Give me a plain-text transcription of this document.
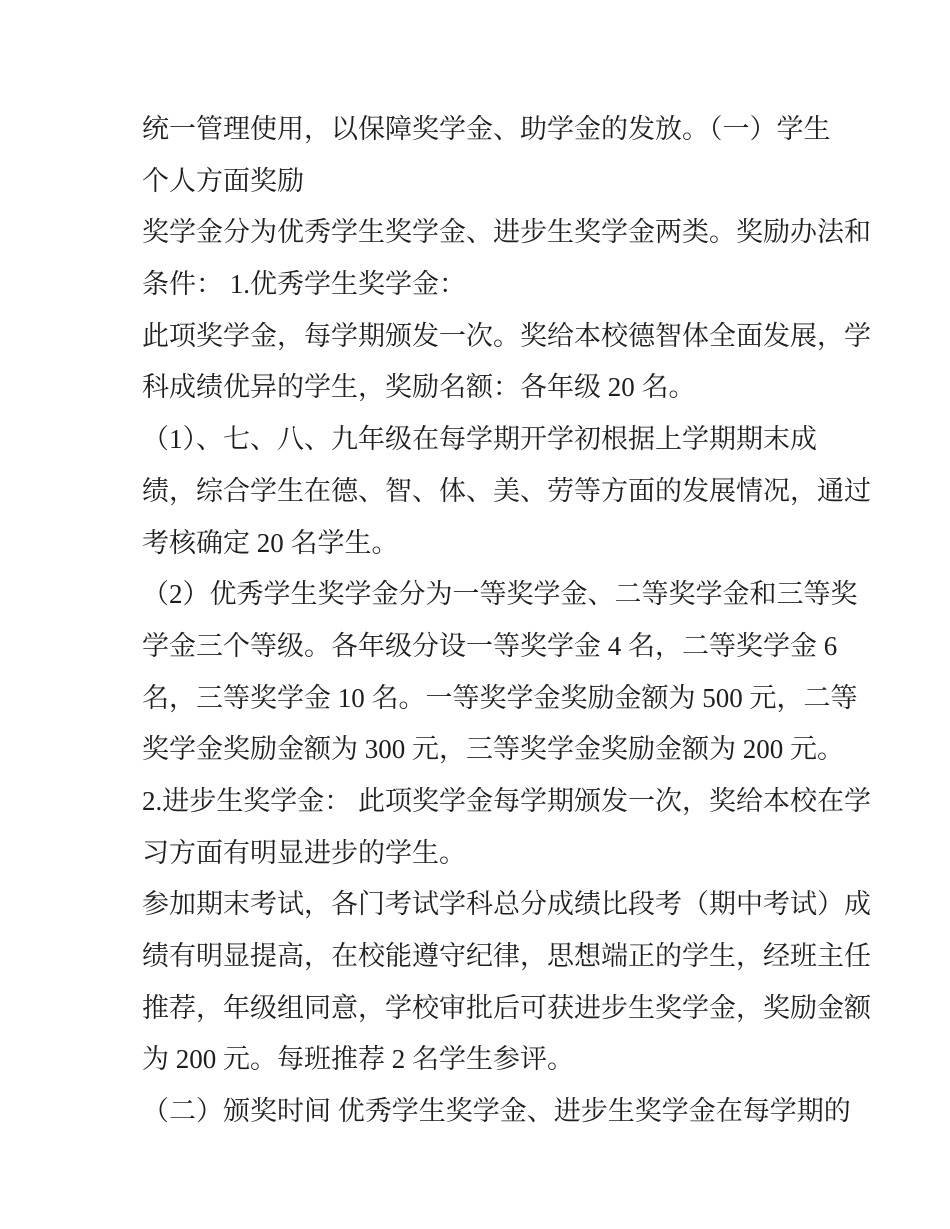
统一管理使用，以保障奖学金、助学金的发放。（一）学生
个人方面奖励
奖学金分为优秀学生奖学金、进步生奖学金两类。奖励办法和
条件： 1.优秀学生奖学金：
此项奖学金，每学期颁发一次。奖给本校德智体全面发展，学
科成绩优异的学生，奖励名额：各年级 20 名。
（1）、七、八、九年级在每学期开学初根据上学期期末成
绩，综合学生在德、智、体、美、劳等方面的发展情况，通过
考核确定 20 名学生。
（2）优秀学生奖学金分为一等奖学金、二等奖学金和三等奖
学金三个等级。各年级分设一等奖学金 4 名，二等奖学金 6
名，三等奖学金 10 名。一等奖学金奖励金额为 500 元，二等
奖学金奖励金额为 300 元，三等奖学金奖励金额为 200 元。
2.进步生奖学金： 此项奖学金每学期颁发一次，奖给本校在学
习方面有明显进步的学生。
参加期末考试，各门考试学科总分成绩比段考（期中考试）成
绩有明显提高，在校能遵守纪律，思想端正的学生，经班主任
推荐，年级组同意，学校审批后可获进步生奖学金，奖励金额
为 200 元。每班推荐 2 名学生参评。
（二）颁奖时间 优秀学生奖学金、进步生奖学金在每学期的
